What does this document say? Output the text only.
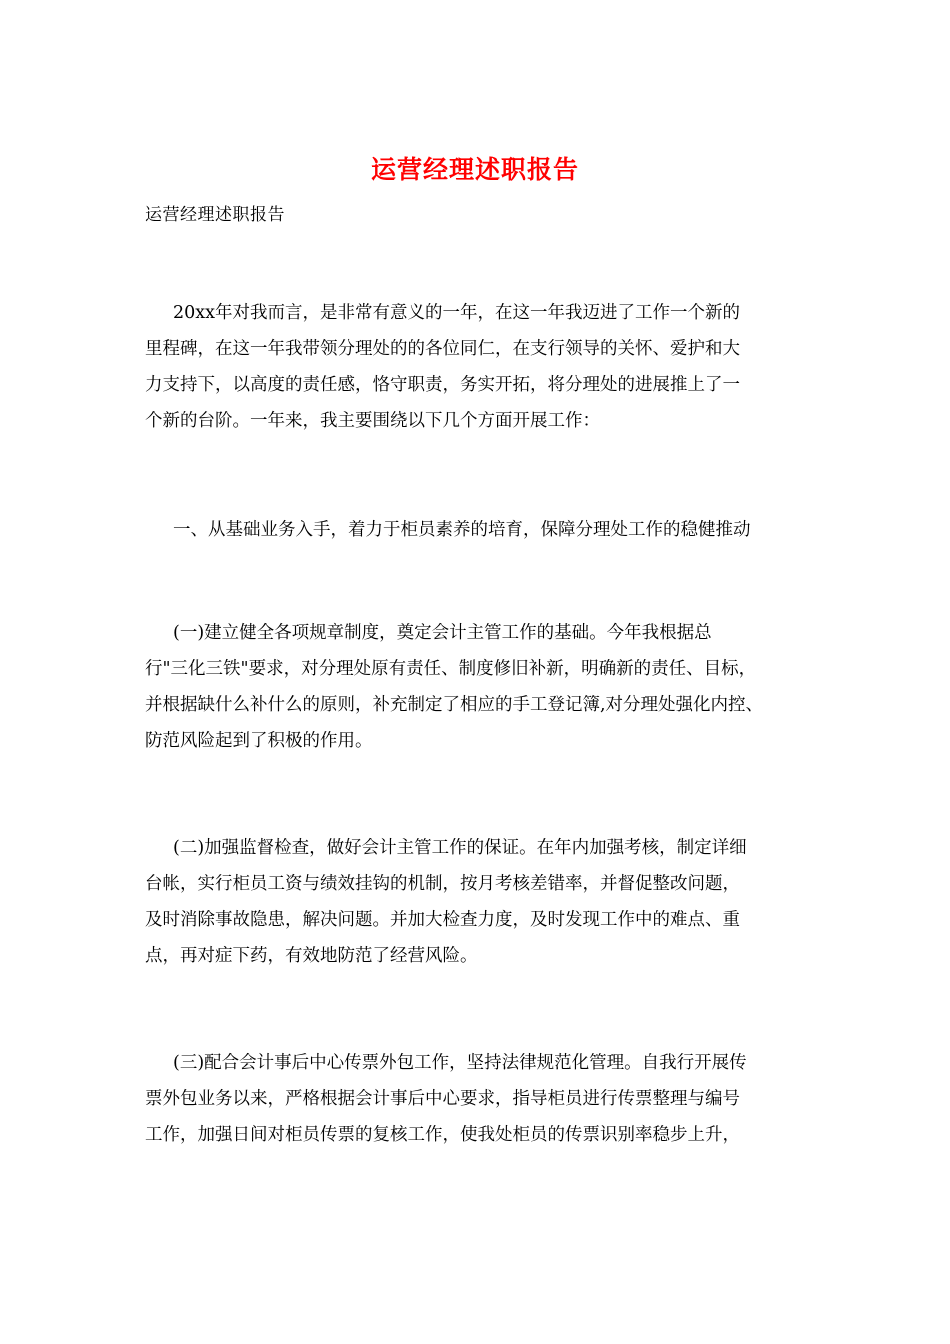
运营经理述职报告
运营经理述职报告
20xx年对我而言，是非常有意义的一年，在这一年我迈进了工作一个新的
里程碑，在这一年我带领分理处的的各位同仁，在支行领导的关怀、爱护和大
力支持下，以高度的责任感，恪守职责，务实开拓，将分理处的进展推上了一
个新的台阶。一年来，我主要围绕以下几个方面开展工作：
一、从基础业务入手，着力于柜员素养的培育，保障分理处工作的稳健推动
(一)建立健全各项规章制度，奠定会计主管工作的基础。今年我根据总
行"三化三铁"要求，对分理处原有责任、制度修旧补新，明确新的责任、目标，
并根据缺什么补什么的原则，补充制定了相应的手工登记簿,对分理处强化内控、
防范风险起到了积极的作用。
(二)加强监督检查，做好会计主管工作的保证。在年内加强考核，制定详细
台帐，实行柜员工资与绩效挂钩的机制，按月考核差错率，并督促整改问题，
及时消除事故隐患，解决问题。并加大检查力度，及时发现工作中的难点、重
点，再对症下药，有效地防范了经营风险。
(三)配合会计事后中心传票外包工作，坚持法律规范化管理。自我行开展传
票外包业务以来，严格根据会计事后中心要求，指导柜员进行传票整理与编号
工作，加强日间对柜员传票的复核工作，使我处柜员的传票识别率稳步上升，
